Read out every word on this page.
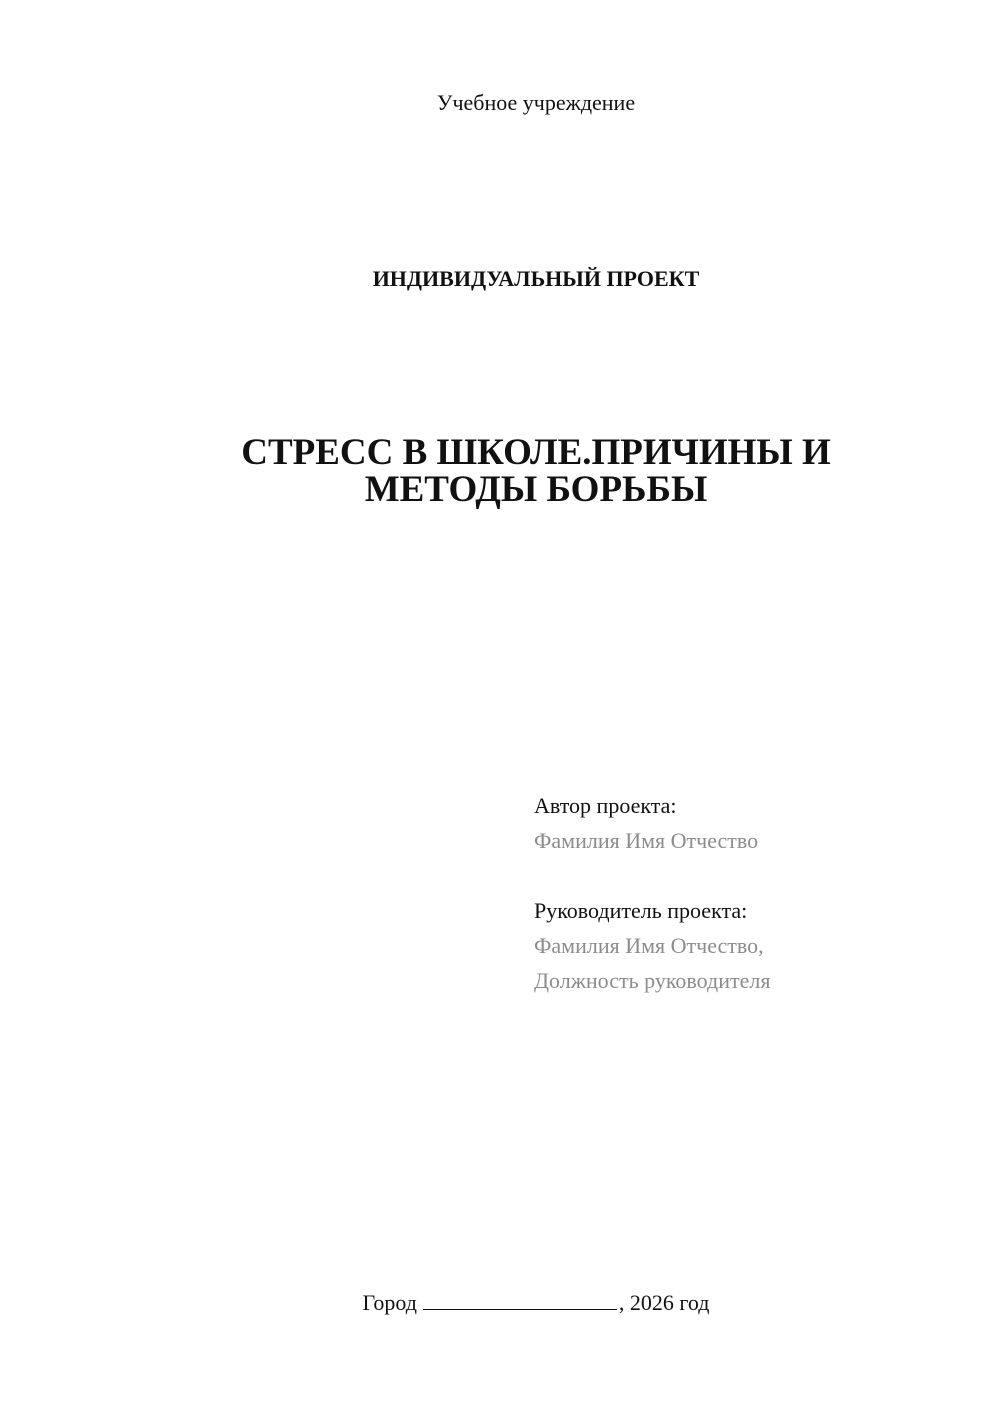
Учебное учреждение
ИНДИВИДУАЛЬНЫЙ ПРОЕКТ
СТРЕСС В ШКОЛЕ.ПРИЧИНЫ И
МЕТОДЫ БОРЬБЫ
Автор проекта:
Фамилия Имя Отчество
Руководитель проекта:
Фамилия Имя Отчество,
Должность руководителя
Город	, 2026 год
